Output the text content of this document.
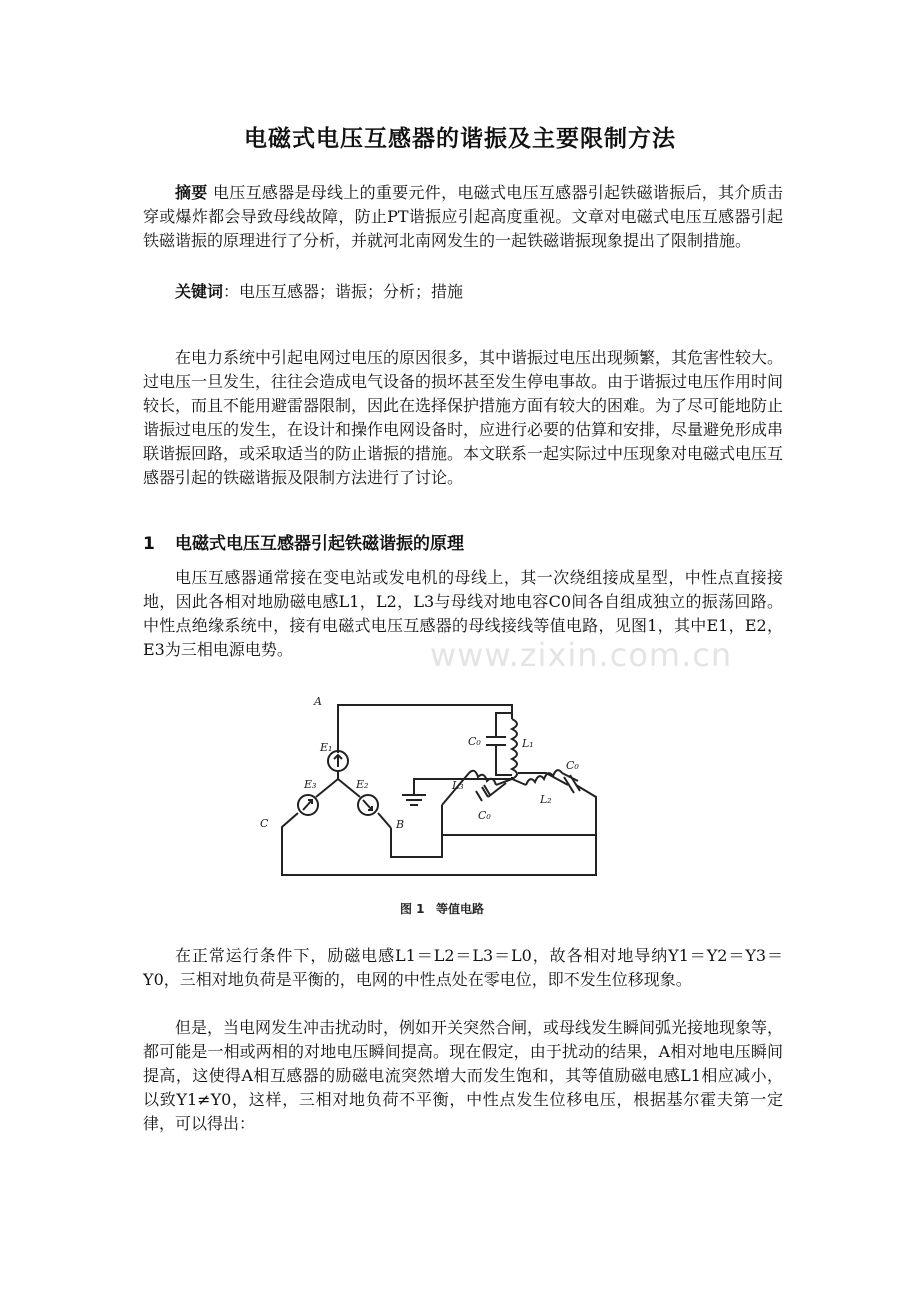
电磁式电压互感器的谐振及主要限制方法
摘要 电压互感器是母线上的重要元件，电磁式电压互感器引起铁磁谐振后，其介质击穿或爆炸都会导致母线故障，防止PT谐振应引起高度重视。文章对电磁式电压互感器引起铁磁谐振的原理进行了分析，并就河北南网发生的一起铁磁谐振现象提出了限制措施。
关键词：电压互感器；谐振；分析；措施

在电力系统中引起电网过电压的原因很多，其中谐振过电压出现频繁，其危害性较大。过电压一旦发生，往往会造成电气设备的损坏甚至发生停电事故。由于谐振过电压作用时间较长，而且不能用避雷器限制，因此在选择保护措施方面有较大的困难。为了尽可能地防止谐振过电压的发生，在设计和操作电网设备时，应进行必要的估算和安排，尽量避免形成串联谐振回路，或采取适当的防止谐振的措施。本文联系一起实际过中压现象对电磁式电压互感器引起的铁磁谐振及限制方法进行了讨论。

1 电磁式电压互感器引起铁磁谐振的原理

电压互感器通常接在变电站或发电机的母线上，其一次绕组接成星型，中性点直接接地，因此各相对地励磁电感L1，L2，L3与母线对地电容C0间各自组成独立的振荡回路。中性点绝缘系统中，接有电磁式电压互感器的母线接线等值电路，见图1，其中E1，E2，E3为三相电源电势。	www.zixin.com.cn
A
E₁
E₃	E₂
C	B
C₀	L₁
L₃
C₀
L₂
C₀
图 1 等值电路

在正常运行条件下，励磁电感L1＝L2＝L3＝L0，故各相对地导纳Y1＝Y2＝Y3＝Y0，三相对地负荷是平衡的，电网的中性点处在零电位，即不发生位移现象。

但是，当电网发生冲击扰动时，例如开关突然合闸，或母线发生瞬间弧光接地现象等，都可能是一相或两相的对地电压瞬间提高。现在假定，由于扰动的结果，A相对地电压瞬间提高，这使得A相互感器的励磁电流突然增大而发生饱和，其等值励磁电感L1相应减小，以致Y1≠Y0，这样，三相对地负荷不平衡，中性点发生位移电压，根据基尔霍夫第一定律，可以得出：
